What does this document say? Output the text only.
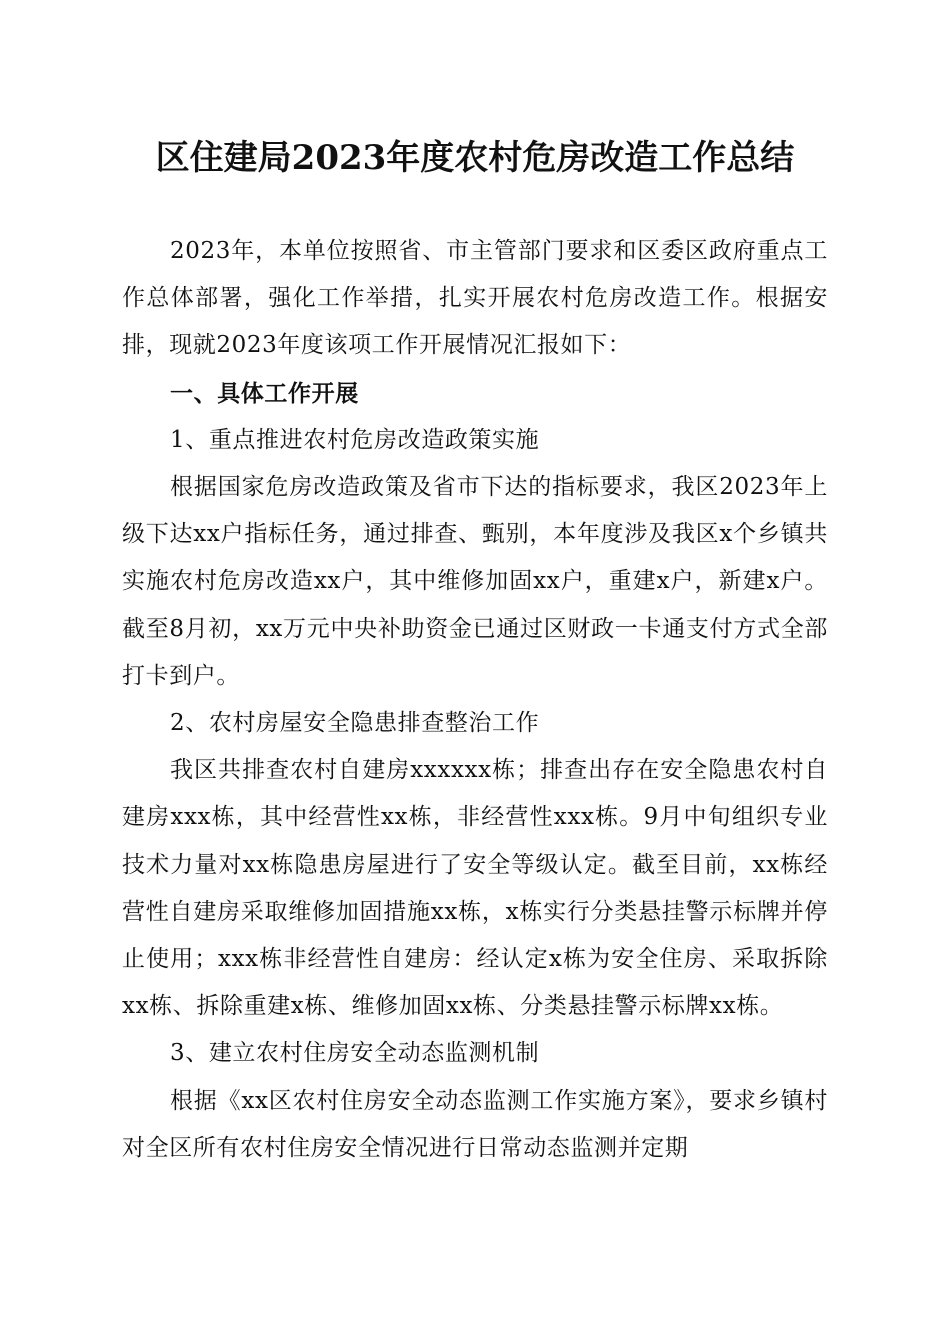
区住建局2023年度农村危房改造工作总结

2023年，本单位按照省、市主管部门要求和区委区政府重点工作总体部署，强化工作举措，扎实开展农村危房改造工作。根据安排，现就2023年度该项工作开展情况汇报如下：

一、具体工作开展

1、重点推进农村危房改造政策实施

根据国家危房改造政策及省市下达的指标要求，我区2023年上级下达xx户指标任务，通过排查、甄别，本年度涉及我区x个乡镇共实施农村危房改造xx户，其中维修加固xx户，重建x户，新建x户。截至8月初，xx万元中央补助资金已通过区财政一卡通支付方式全部打卡到户。

2、农村房屋安全隐患排查整治工作

我区共排查农村自建房xxxxxx栋；排查出存在安全隐患农村自建房xxx栋，其中经营性xx栋，非经营性xxx栋。9月中旬组织专业技术力量对xx栋隐患房屋进行了安全等级认定。截至目前，xx栋经营性自建房采取维修加固措施xx栋，x栋实行分类悬挂警示标牌并停止使用；xxx栋非经营性自建房：经认定x栋为安全住房、采取拆除xx栋、拆除重建x栋、维修加固xx栋、分类悬挂警示标牌xx栋。

3、建立农村住房安全动态监测机制

根据《xx区农村住房安全动态监测工作实施方案》，要求乡镇村对全区所有农村住房安全情况进行日常动态监测并定期
